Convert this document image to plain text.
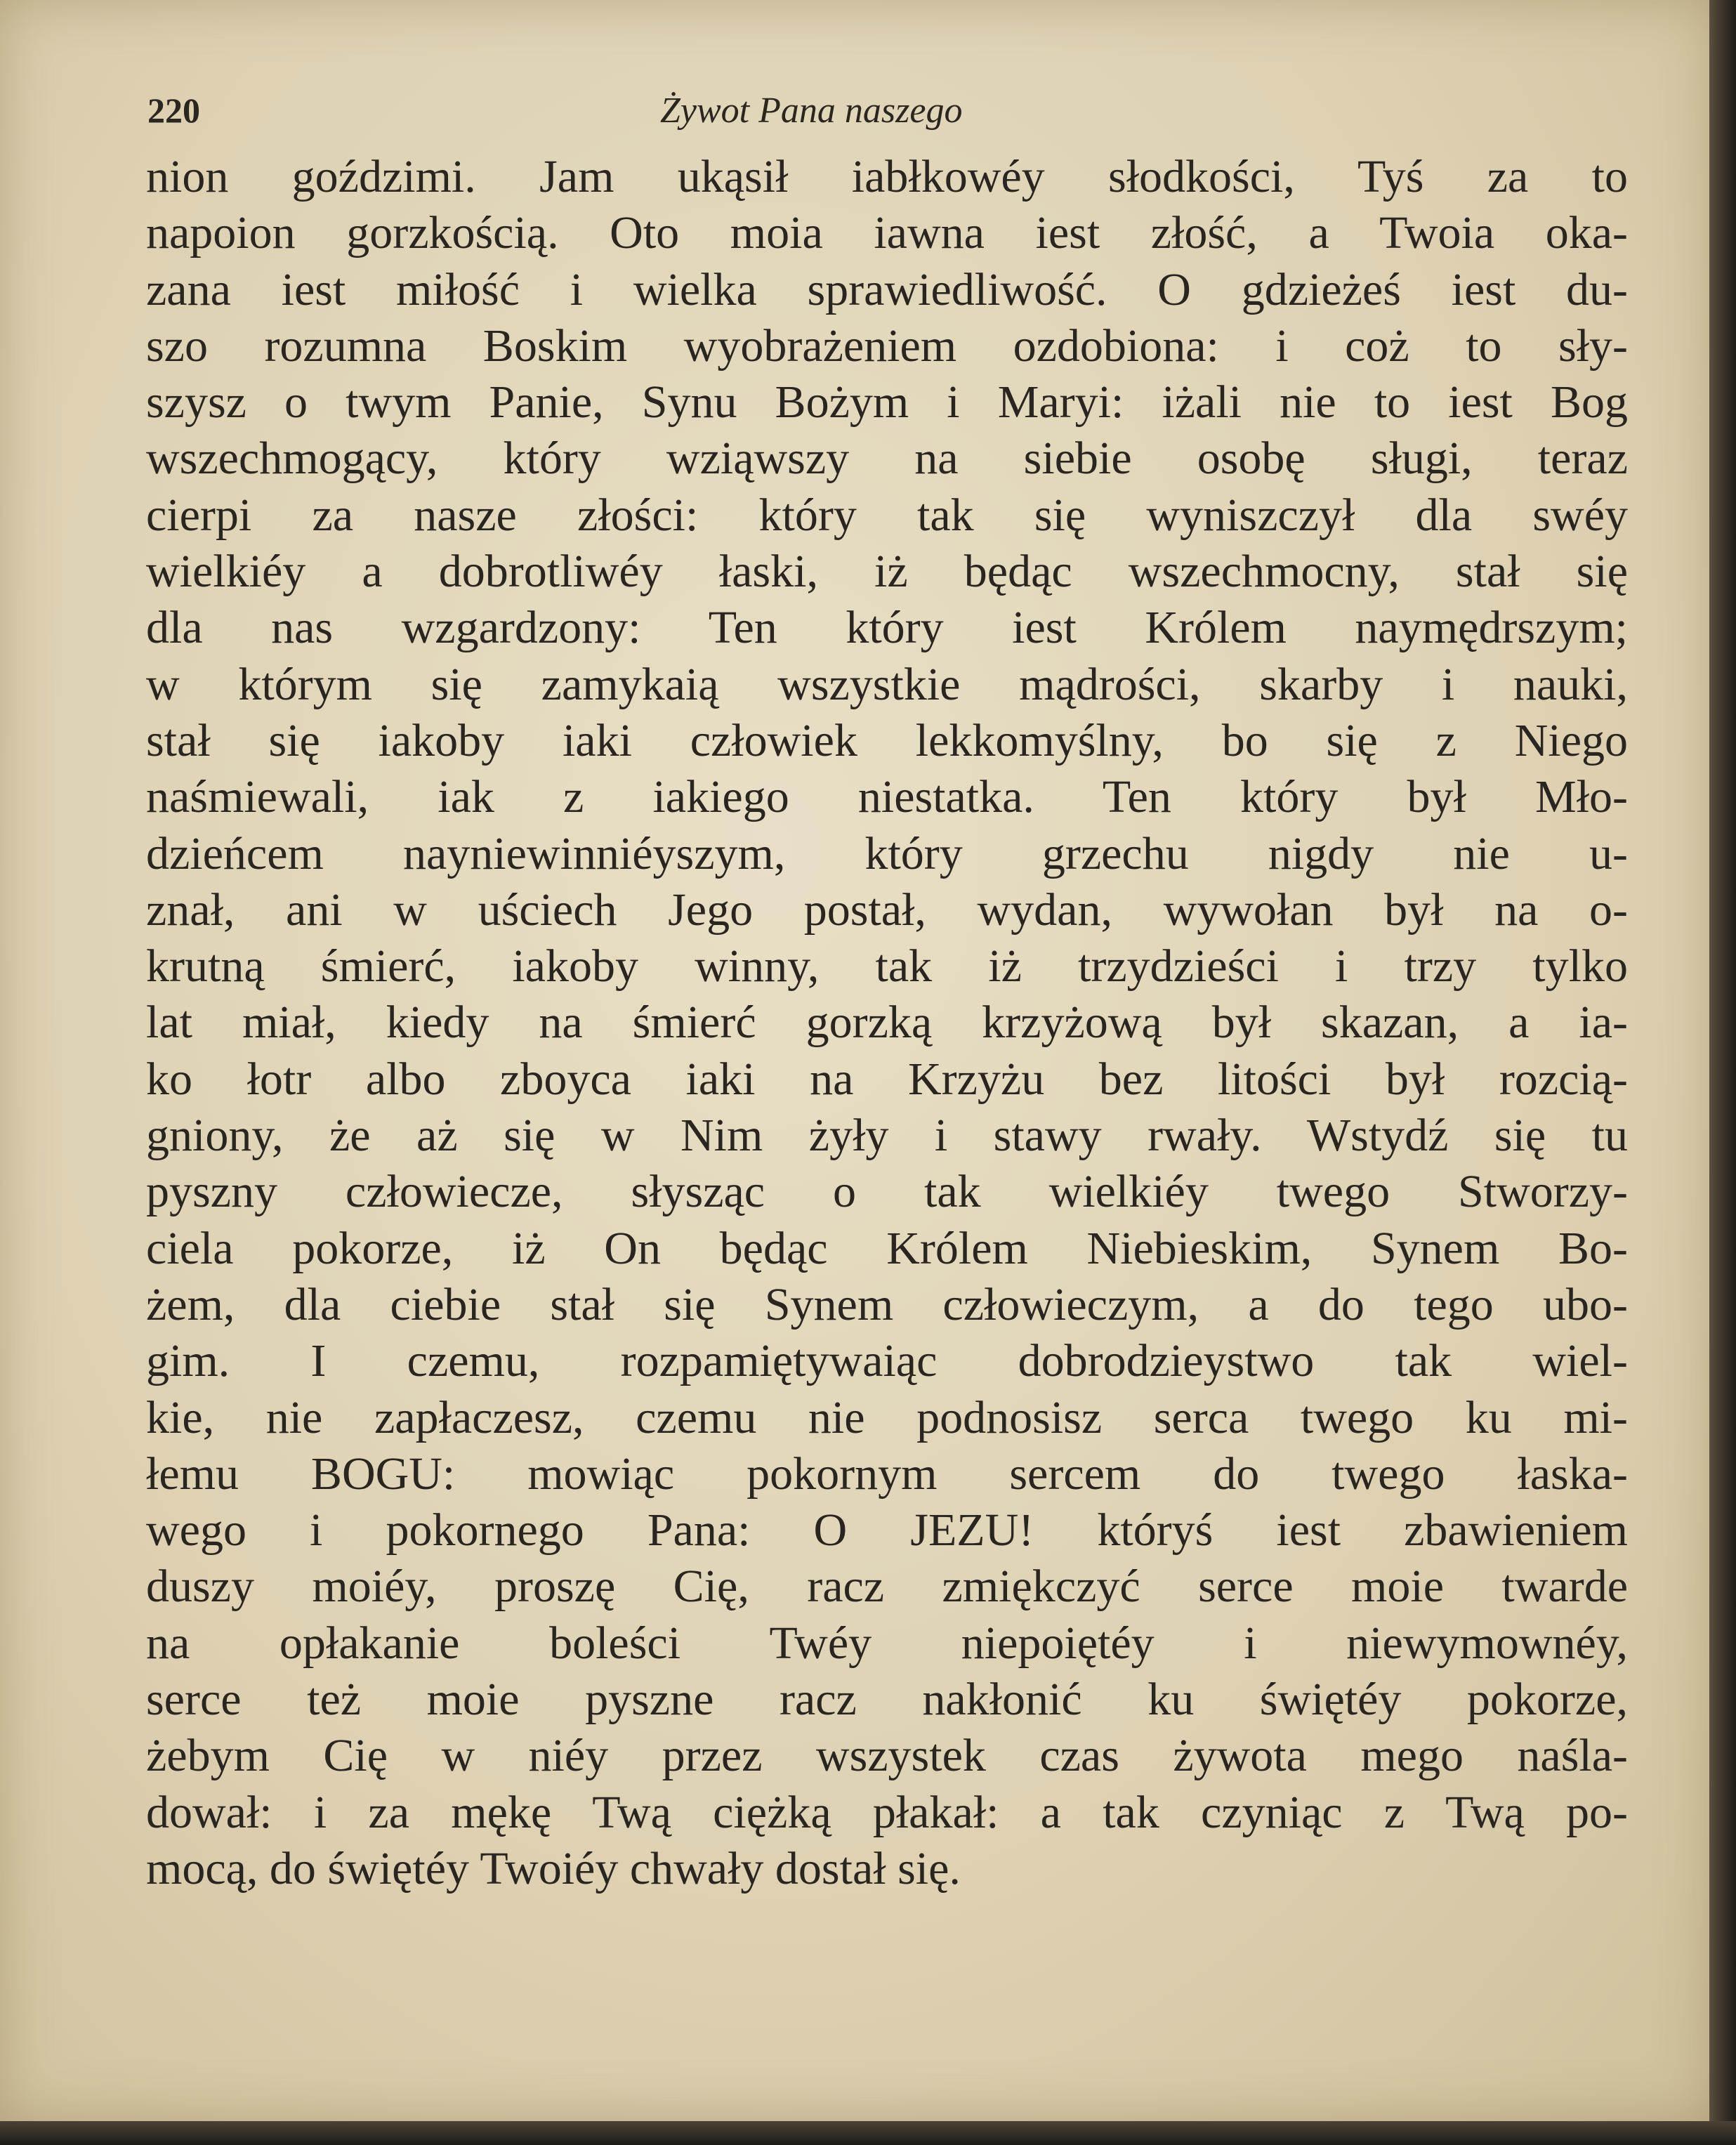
220	Żywot Pana naszego
nion goździmi. Jam ukąsił iabłkowéy słodkości, Tyś za to
napoion gorzkością. Oto moia iawna iest złość, a Twoia oka-
zana iest miłość i wielka sprawiedliwość. O gdzieżeś iest du-
szo rozumna Boskim wyobrażeniem ozdobiona: i coż to sły-
szysz o twym Panie, Synu Bożym i Maryi: iżali nie to iest Bog
wszechmogący, który wziąwszy na siebie osobę sługi, teraz
cierpi za nasze złości: który tak się wyniszczył dla swéy
wielkiéy a dobrotliwéy łaski, iż będąc wszechmocny, stał się
dla nas wzgardzony: Ten który iest Królem naymędrszym;
w którym się zamykaią wszystkie mądrości, skarby i nauki,
stał się iakoby iaki człowiek lekkomyślny, bo się z Niego
naśmiewali, iak z iakiego niestatka. Ten który był Mło-
dzieńcem nayniewinniéyszym, który grzechu nigdy nie u-
znał, ani w uściech Jego postał, wydan, wywołan był na o-
krutną śmierć, iakoby winny, tak iż trzydzieści i trzy tylko
lat miał, kiedy na śmierć gorzką krzyżową był skazan, a ia-
ko łotr albo zboyca iaki na Krzyżu bez litości był rozcią-
gniony, że aż się w Nim żyły i stawy rwały. Wstydź się tu
pyszny człowiecze, słysząc o tak wielkiéy twego Stworzy-
ciela pokorze, iż On będąc Królem Niebieskim, Synem Bo-
żem, dla ciebie stał się Synem człowieczym, a do tego ubo-
gim. I czemu, rozpamiętywaiąc dobrodzieystwo tak wiel-
kie, nie zapłaczesz, czemu nie podnosisz serca twego ku mi-
łemu BOGU: mowiąc pokornym sercem do twego łaska-
wego i pokornego Pana: O JEZU! któryś iest zbawieniem
duszy moiéy, proszę Cię, racz zmiękczyć serce moie twarde
na opłakanie boleści Twéy niepoiętéy i niewymownéy,
serce też moie pyszne racz nakłonić ku świętéy pokorze,
żebym Cię w niéy przez wszystek czas żywota mego naśla-
dował: i za mękę Twą ciężką płakał: a tak czyniąc z Twą po-
mocą, do świętéy Twoiéy chwały dostał się.
